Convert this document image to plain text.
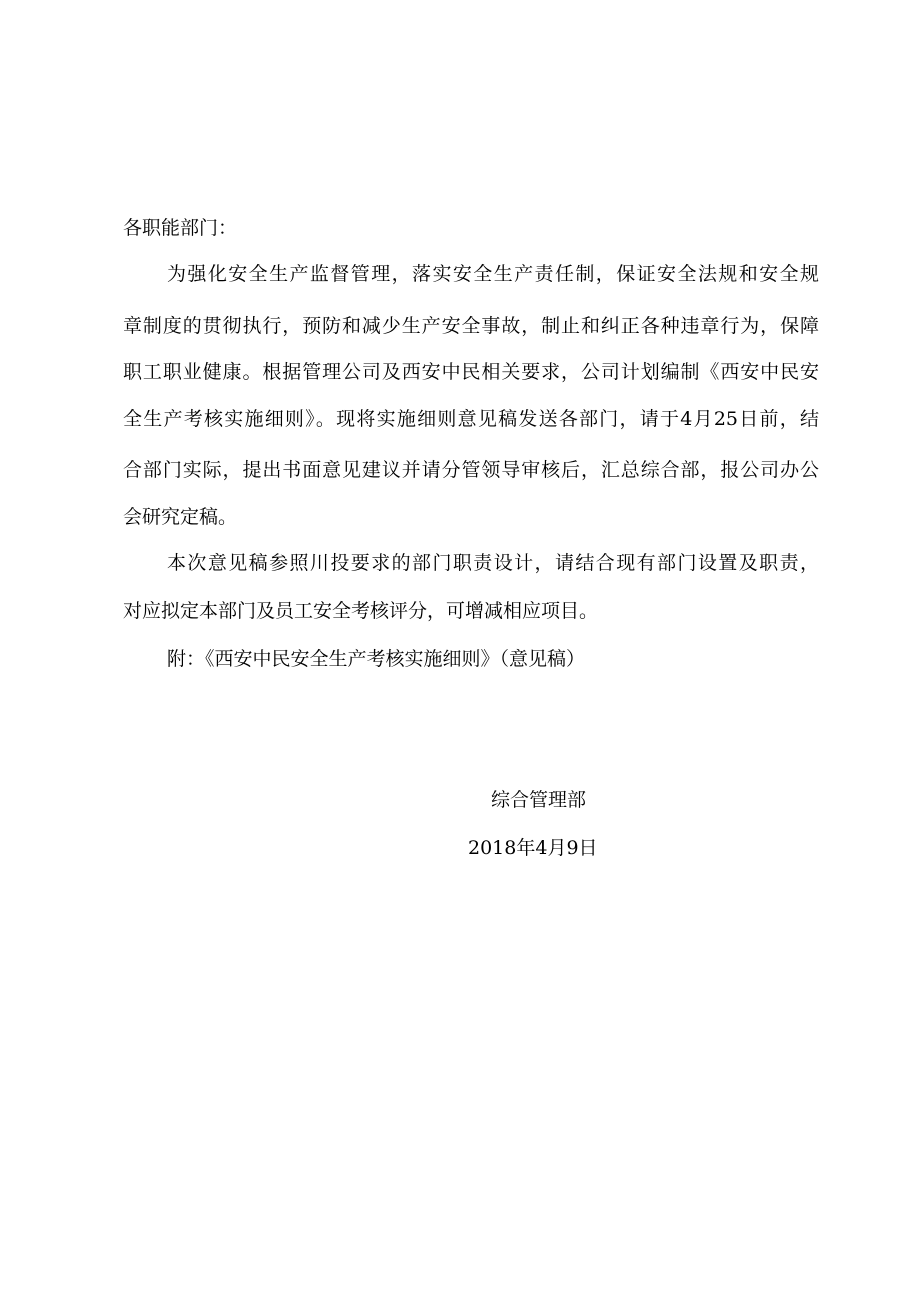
各职能部门：
为强化安全生产监督管理，落实安全生产责任制，保证安全法规和安全规
章制度的贯彻执行，预防和减少生产安全事故，制止和纠正各种违章行为，保障
职工职业健康。根据管理公司及西安中民相关要求，公司计划编制《西安中民安
全生产考核实施细则》。现将实施细则意见稿发送各部门，请于4月25日前，结
合部门实际，提出书面意见建议并请分管领导审核后，汇总综合部，报公司办公
会研究定稿。
本次意见稿参照川投要求的部门职责设计，请结合现有部门设置及职责，
对应拟定本部门及员工安全考核评分，可增减相应项目。
附：《西安中民安全生产考核实施细则》（意见稿）
综合管理部
2018年4月9日
